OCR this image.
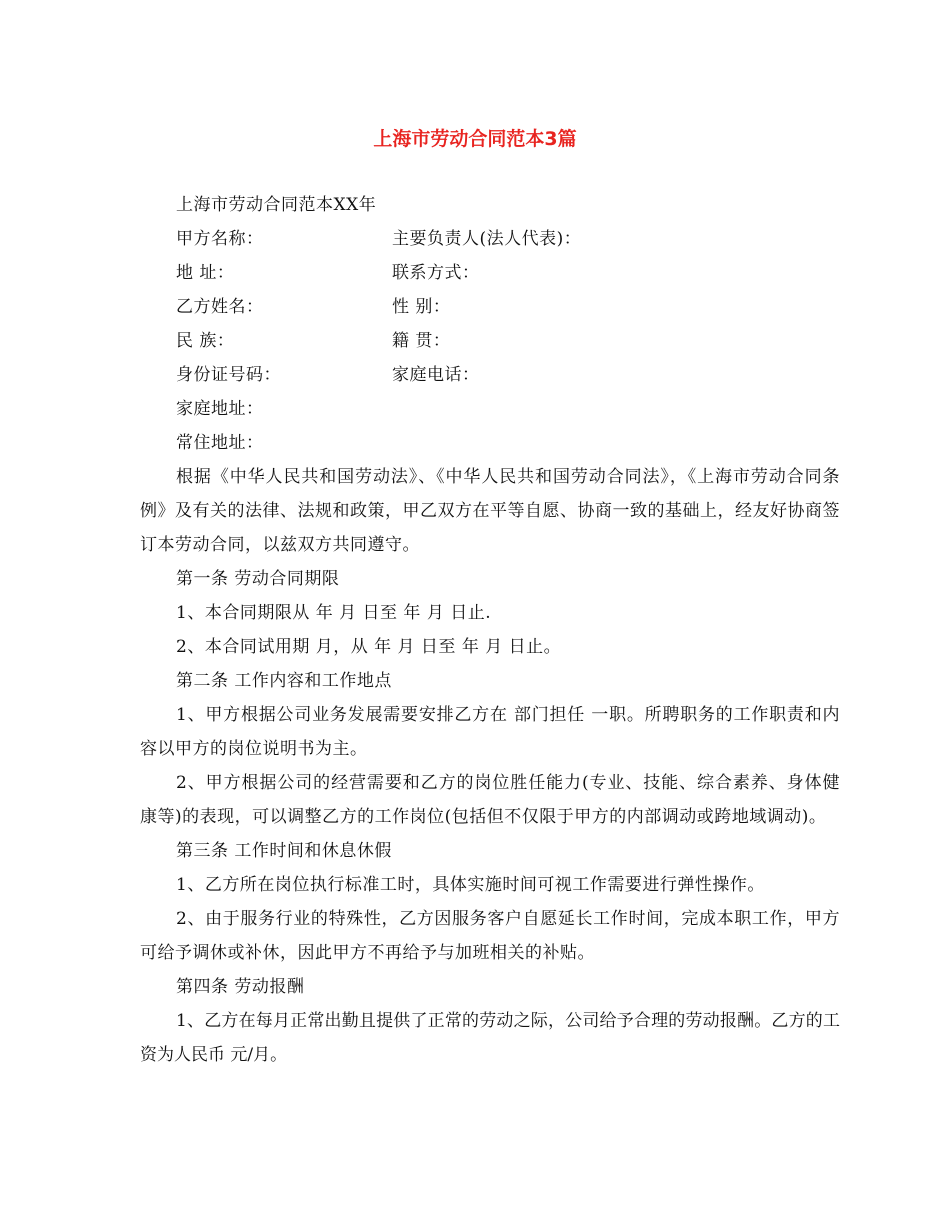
上海市劳动合同范本3篇
上海市劳动合同范本XX年
甲方名称：	主要负责人(法人代表)：
地 址：	联系方式：
乙方姓名：	性 别：
民 族：	籍 贯：
身份证号码：	家庭电话：
家庭地址：
常住地址：
根据《中华人民共和国劳动法》、《中华人民共和国劳动合同法》，《上海市劳动合同条例》及有关的法律、法规和政策，甲乙双方在平等自愿、协商一致的基础上，经友好协商签订本劳动合同，以兹双方共同遵守。
第一条 劳动合同期限
1、本合同期限从 年 月 日至 年 月 日止.
2、本合同试用期 月，从 年 月 日至 年 月 日止。
第二条 工作内容和工作地点
1、甲方根据公司业务发展需要安排乙方在 部门担任 一职。所聘职务的工作职责和内容以甲方的岗位说明书为主。
2、甲方根据公司的经营需要和乙方的岗位胜任能力(专业、技能、综合素养、身体健康等)的表现，可以调整乙方的工作岗位(包括但不仅限于甲方的内部调动或跨地域调动)。
第三条 工作时间和休息休假
1、乙方所在岗位执行标准工时，具体实施时间可视工作需要进行弹性操作。
2、由于服务行业的特殊性，乙方因服务客户自愿延长工作时间，完成本职工作，甲方可给予调休或补休，因此甲方不再给予与加班相关的补贴。
第四条 劳动报酬
1、乙方在每月正常出勤且提供了正常的劳动之际，公司给予合理的劳动报酬。乙方的工资为人民币 元/月。
